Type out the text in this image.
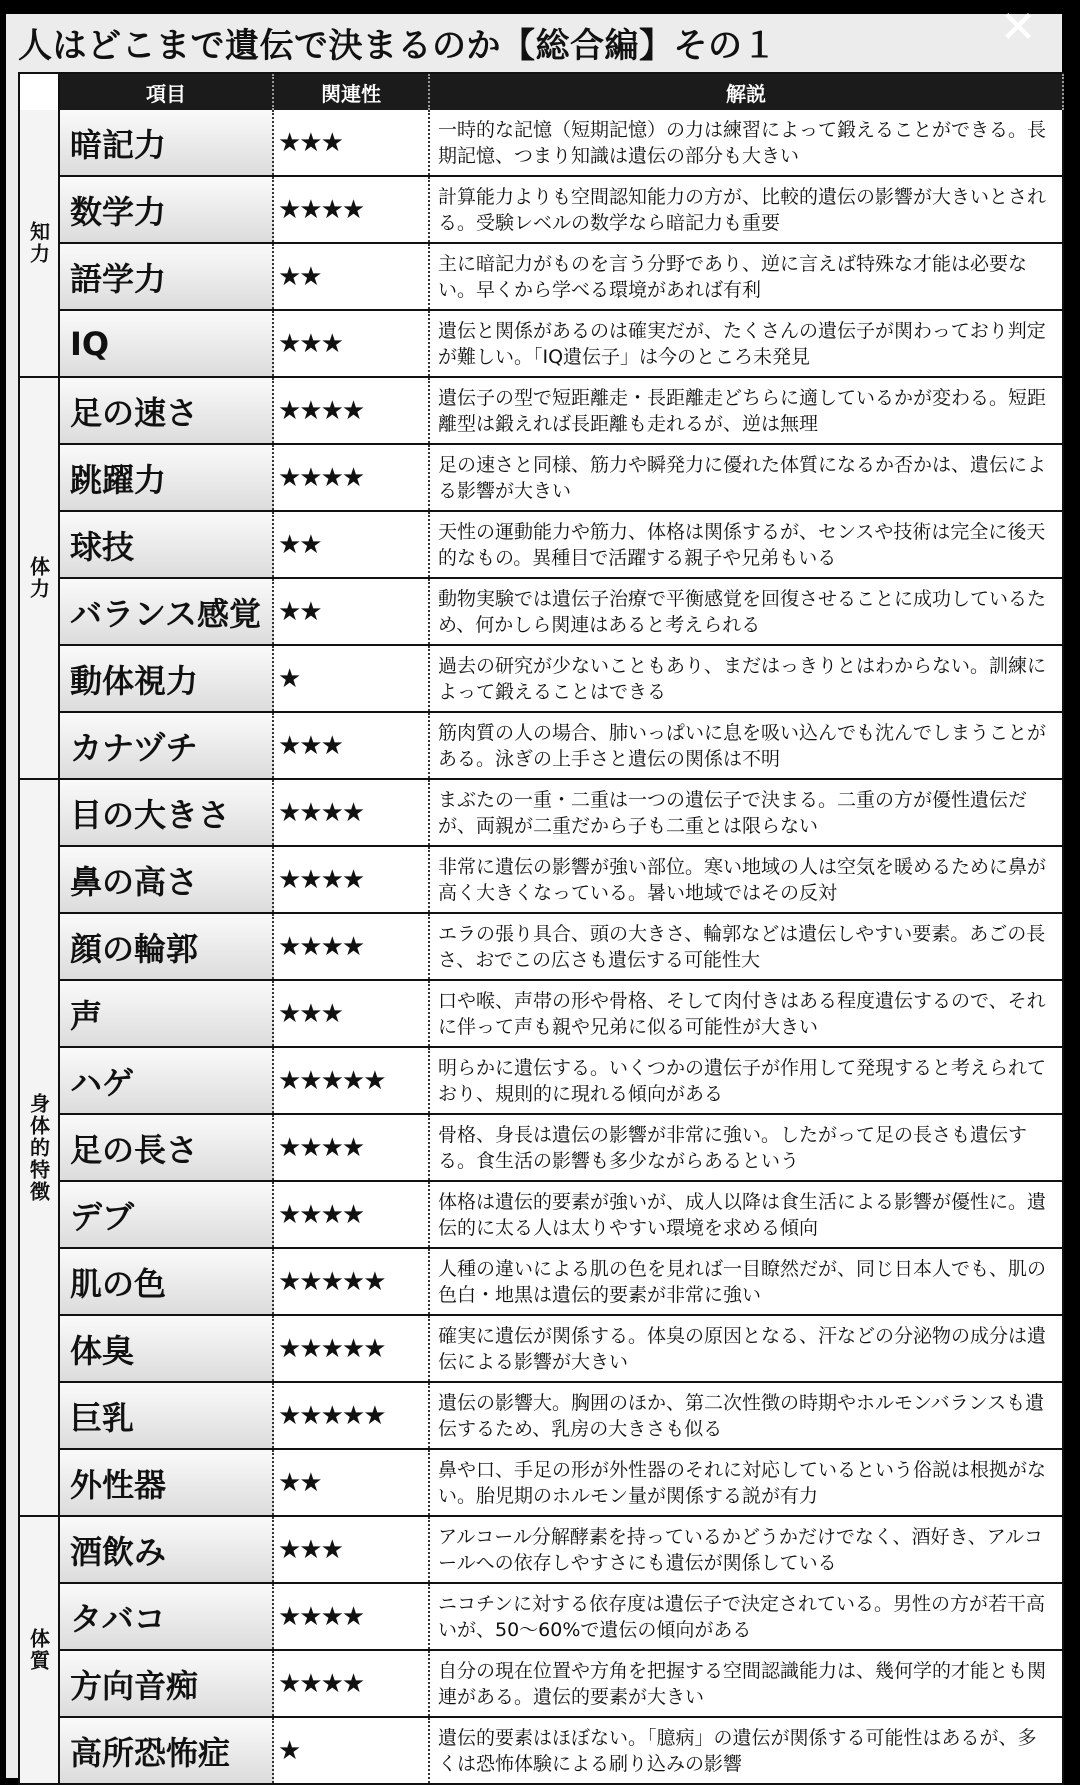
✕
人はどこまで遺伝で決まるのか【総合編】その１
項目	関連性	解説
知力
暗記力	★★★	一時的な記憶（短期記憶）の力は練習によって鍛えることができる。長期記憶、つまり知識は遺伝の部分も大きい
数学力	★★★★	計算能力よりも空間認知能力の方が、比較的遺伝の影響が大きいとされる。受験レベルの数学なら暗記力も重要
語学力	★★	主に暗記力がものを言う分野であり、逆に言えば特殊な才能は必要ない。早くから学べる環境があれば有利
IQ	★★★	遺伝と関係があるのは確実だが、たくさんの遺伝子が関わっており判定が難しい。「IQ遺伝子」は今のところ未発見
体力
足の速さ	★★★★	遺伝子の型で短距離走・長距離走どちらに適しているかが変わる。短距離型は鍛えれば長距離も走れるが、逆は無理
跳躍力	★★★★	足の速さと同様、筋力や瞬発力に優れた体質になるか否かは、遺伝による影響が大きい
球技	★★	天性の運動能力や筋力、体格は関係するが、センスや技術は完全に後天的なもの。異種目で活躍する親子や兄弟もいる
バランス感覚 ★★	動物実験では遺伝子治療で平衡感覚を回復させることに成功しているため、何かしら関連はあると考えられる
動体視力	★	過去の研究が少ないこともあり、まだはっきりとはわからない。訓練によって鍛えることはできる
カナヅチ	★★★	筋肉質の人の場合、肺いっぱいに息を吸い込んでも沈んでしまうことがある。泳ぎの上手さと遺伝の関係は不明
身体的特徴
目の大きさ	★★★★	まぶたの一重・二重は一つの遺伝子で決まる。二重の方が優性遺伝だが、両親が二重だから子も二重とは限らない
鼻の高さ	★★★★	非常に遺伝の影響が強い部位。寒い地域の人は空気を暖めるために鼻が高く大きくなっている。暑い地域ではその反対
顔の輪郭	★★★★	エラの張り具合、頭の大きさ、輪郭などは遺伝しやすい要素。あごの長さ、おでこの広さも遺伝する可能性大
声	★★★	口や喉、声帯の形や骨格、そして肉付きはある程度遺伝するので、それに伴って声も親や兄弟に似る可能性が大きい
ハゲ	★★★★★	明らかに遺伝する。いくつかの遺伝子が作用して発現すると考えられており、規則的に現れる傾向がある
足の長さ	★★★★	骨格、身長は遺伝の影響が非常に強い。したがって足の長さも遺伝する。食生活の影響も多少ながらあるという
デブ	★★★★	体格は遺伝的要素が強いが、成人以降は食生活による影響が優性に。遺伝的に太る人は太りやすい環境を求める傾向
肌の色	★★★★★	人種の違いによる肌の色を見れば一目瞭然だが、同じ日本人でも、肌の色白・地黒は遺伝的要素が非常に強い
体臭	★★★★★	確実に遺伝が関係する。体臭の原因となる、汗などの分泌物の成分は遺伝による影響が大きい
巨乳	★★★★★	遺伝の影響大。胸囲のほか、第二次性徴の時期やホルモンバランスも遺伝するため、乳房の大きさも似る
外性器	★★	鼻や口、手足の形が外性器のそれに対応しているという俗説は根拠がない。胎児期のホルモン量が関係する説が有力
体質
酒飲み	★★★	アルコール分解酵素を持っているかどうかだけでなく、酒好き、アルコールへの依存しやすさにも遺伝が関係している
タバコ	★★★★	ニコチンに対する依存度は遺伝子で決定されている。男性の方が若干高いが、50〜60%で遺伝の傾向がある
方向音痴	★★★★	自分の現在位置や方角を把握する空間認識能力は、幾何学的才能とも関連がある。遺伝的要素が大きい
高所恐怖症	★	遺伝的要素はほぼない。「臆病」の遺伝が関係する可能性はあるが、多くは恐怖体験による刷り込みの影響
